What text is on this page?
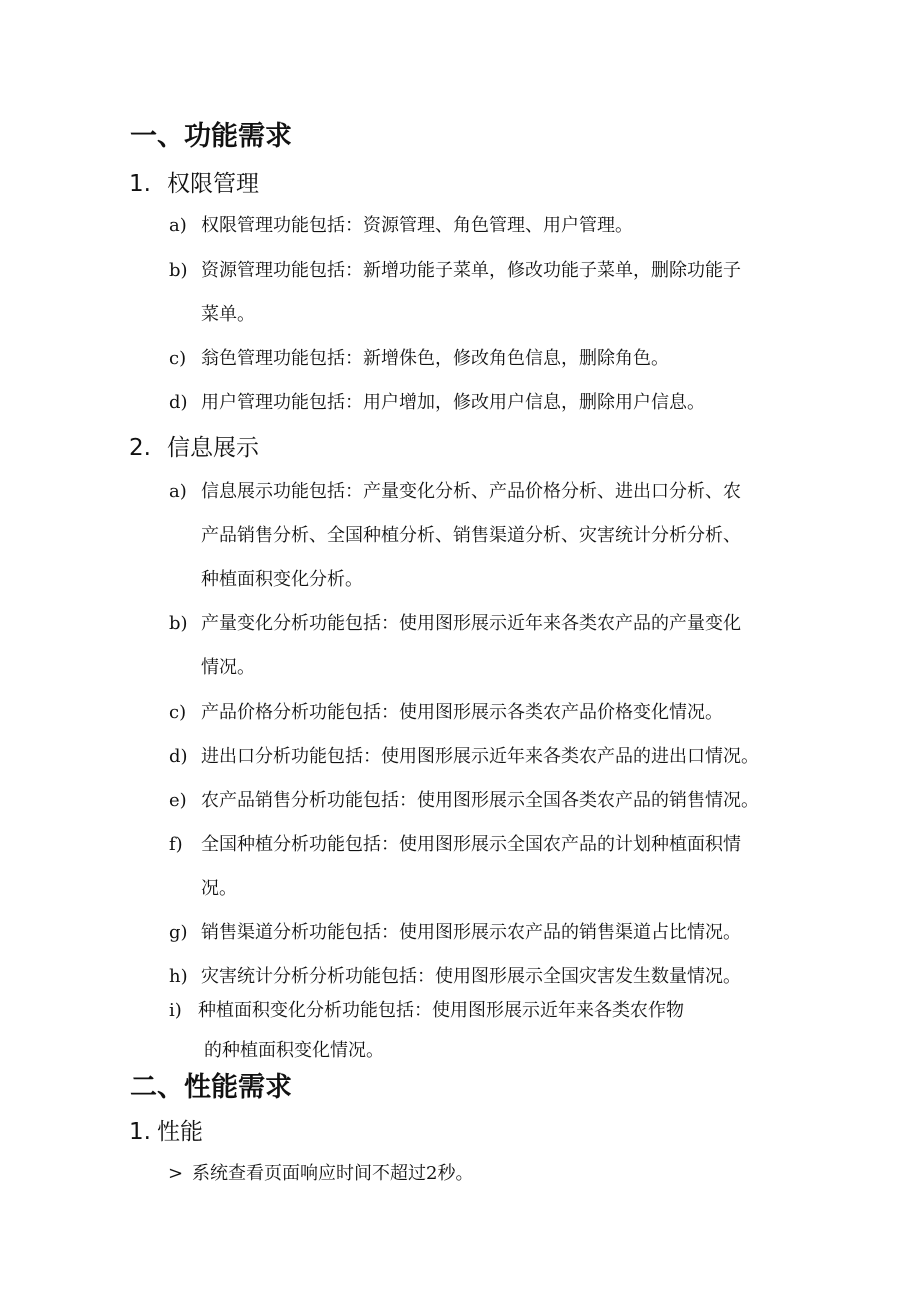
一、功能需求
1. 权限管理
a) 权限管理功能包括：资源管理、角色管理、用户管理。
b) 资源管理功能包括：新增功能子菜单，修改功能子菜单，删除功能子
菜单。
c) 翁色管理功能包括：新增侏色，修改角色信息，删除角色。
d) 用户管理功能包括：用户增加，修改用户信息，删除用户信息。
2. 信息展示
a) 信息展示功能包括：产量变化分析、产品价格分析、进出口分析、农
产品销售分析、全国种植分析、销售渠道分析、灾害统计分析分析、
种植面积变化分析。
b) 产量变化分析功能包括：使用图形展示近年来各类农产品的产量变化
情况。
c) 产品价格分析功能包括：使用图形展示各类农产品价格变化情况。
d) 进出口分析功能包括：使用图形展示近年来各类农产品的进出口情况。
e) 农产品销售分析功能包括：使用图形展示全国各类农产品的销售情况。
f) 全国种植分析功能包括：使用图形展示全国农产品的计划种植面积情
况。
g) 销售渠道分析功能包括：使用图形展示农产品的销售渠道占比情况。
h) 灾害统计分析分析功能包括：使用图形展示全国灾害发生数量情况。
i) 种植面积变化分析功能包括：使用图形展示近年来各类农作物
的种植面积变化情况。
二、性能需求
1. 性能
> 系统查看页面响应时间不超过2秒。
